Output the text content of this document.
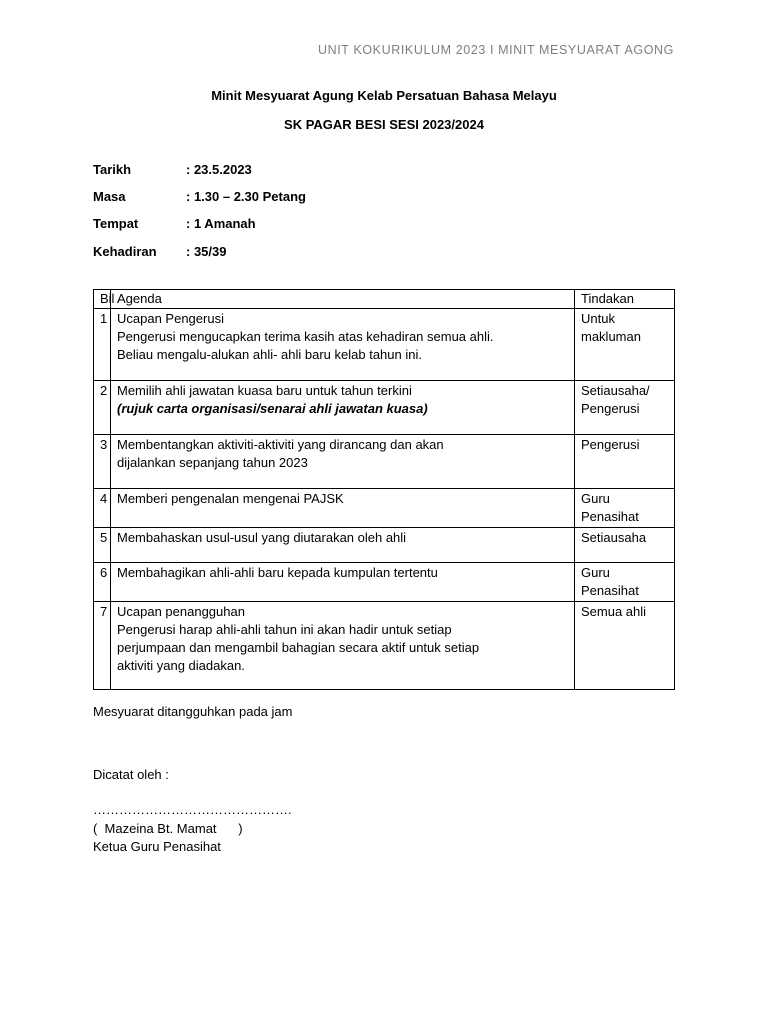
UNIT KOKURIKULUM 2023 I MINIT MESYUARAT AGONG
Minit Mesyuarat Agung Kelab Persatuan Bahasa Melayu
SK PAGAR BESI SESI 2023/2024
Tarikh	: 23.5.2023
Masa	: 1.30 – 2.30 Petang
Tempat	: 1 Amanah
Kehadiran : 35/39
Bil	Agenda	Tindakan
1	Ucapan Pengerusi
Pengerusi mengucapkan terima kasih atas kehadiran semua ahli.
Beliau mengalu-alukan ahli- ahli baru kelab tahun ini.	Untuk
makluman

2	Memilih ahli jawatan kuasa baru untuk tahun terkini
(rujuk carta organisasi/senarai ahli jawatan kuasa)	Setiausaha/
Pengerusi

3	Membentangkan aktiviti-aktiviti yang dirancang dan akan
dijalankan sepanjang tahun 2023	Pengerusi

4	Memberi pengenalan mengenai PAJSK	Guru Penasihat

5	Membahaskan usul-usul yang diutarakan oleh ahli	Setiausaha

6	Membahagikan ahli-ahli baru kepada kumpulan tertentu	Guru Penasihat

7	Ucapan penangguhan
Pengerusi harap ahli-ahli tahun ini akan hadir untuk setiap
perjumpaan dan mengambil bahagian secara aktif untuk setiap
aktiviti yang diadakan.	Semua ahli
Mesyuarat ditangguhkan pada jam
Dicatat oleh :
……………………………………….
(  Mazeina Bt. Mamat      )
Ketua Guru Penasihat
